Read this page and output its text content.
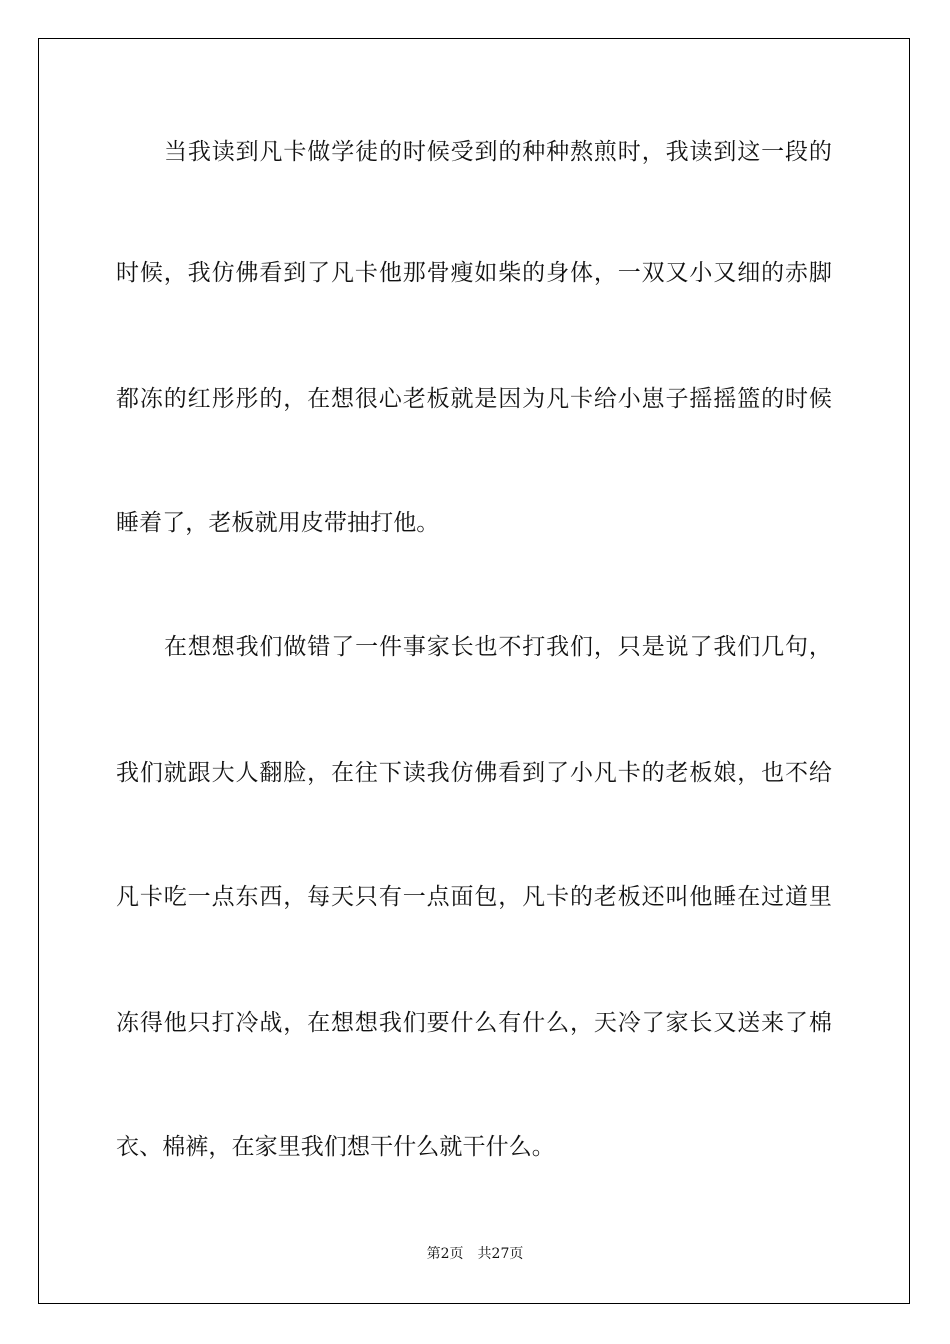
当我读到凡卡做学徒的时候受到的种种熬煎时，我读到这一段的
时候，我仿佛看到了凡卡他那骨瘦如柴的身体，一双又小又细的赤脚
都冻的红彤彤的，在想很心老板就是因为凡卡给小崽子摇摇篮的时候
睡着了，老板就用皮带抽打他。
在想想我们做错了一件事家长也不打我们，只是说了我们几句，
我们就跟大人翻脸，在往下读我仿佛看到了小凡卡的老板娘，也不给
凡卡吃一点东西，每天只有一点面包，凡卡的老板还叫他睡在过道里
冻得他只打冷战，在想想我们要什么有什么，天冷了家长又送来了棉
衣、棉裤，在家里我们想干什么就干什么。
第2页 共27页
